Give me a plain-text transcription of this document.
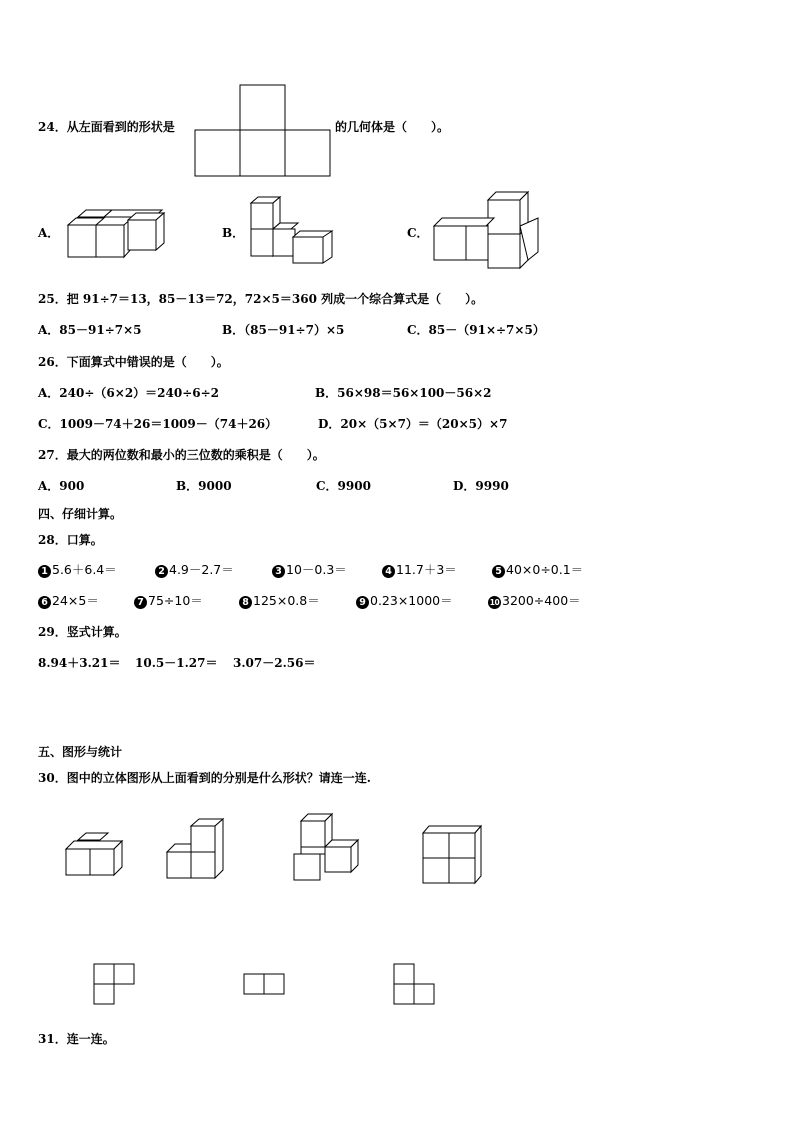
24．从左面看到的形状是	的几何体是（　　）。
A．	B．	C．
25．把 91÷7＝13，85－13＝72，72×5＝360 列成一个综合算式是（　　）。
A．85－91÷7×5	B．（85－91÷7）×5	C．85－（91×÷7×5）
26．下面算式中错误的是（　　）。
A．240÷（6×2）＝240÷6÷2	B．56×98＝56×100－56×2
C．1009－74＋26＝1009－（74＋26）	D．20×（5×7）＝（20×5）×7
27．最大的两位数和最小的三位数的乘积是（　　）。
A．900	B．9000	C．9900	D．9990
四、仔细计算。
28．口算。
1 5.6＋6.4＝	2 4.9－2.7＝	3 10－0.3＝	4 11.7＋3＝	5 40×0÷0.1＝
6 24×5＝	7 75÷10＝	8 125×0.8＝	9 0.23×1000＝	10 3200÷400＝
29．竖式计算。
8.94＋3.21＝ 10.5－1.27＝ 3.07－2.56＝
五、图形与统计
30．图中的立体图形从上面看到的分别是什么形状？请连一连.
31．连一连。
